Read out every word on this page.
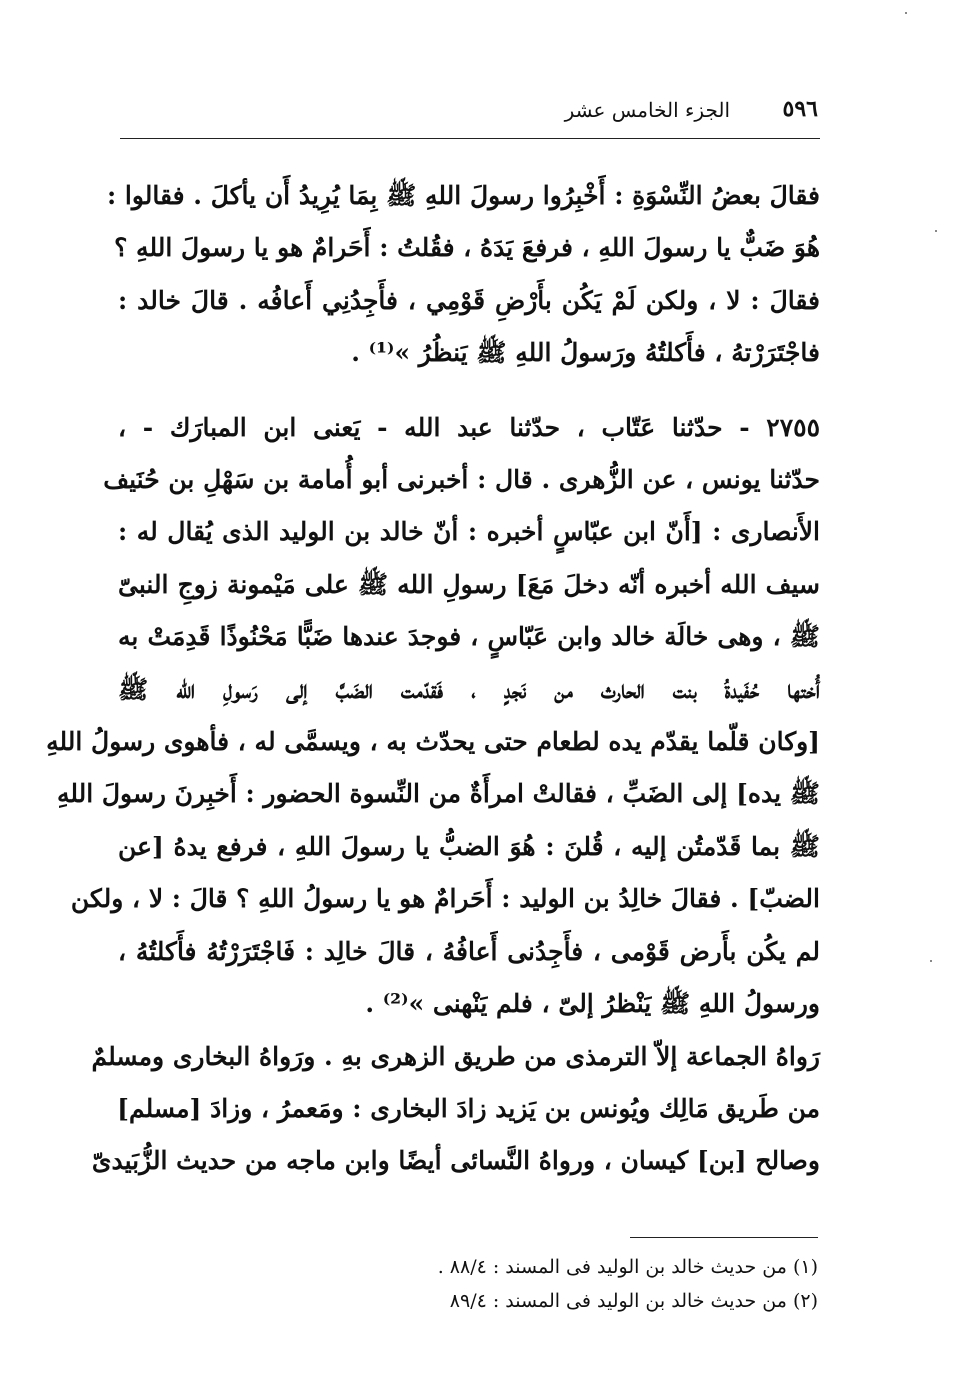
٥٩٦
الجزء الخامس عشر
فقالَ بعضُ النِّسْوَةِ : أَخْبِرُوا رسولَ اللهِ ﷺ بِمَا يُرِيدُ أَن يأكلَ . فقالوا :
هُوَ ضَبٌّ يا رسولَ اللهِ ، فرفعَ يَدَهُ ، فقُلتُ : أَحَرامٌ هو يا رسولَ اللهِ ؟
فقالَ : لا ، ولكن لَمْ يَكُن بأَرْضِ قَوْمِي ، فأَجِدُنِي أَعافُه . قالَ خالد :
فاجْتَرَرْتهُ ، فأَكلتُهُ ورَسولُ اللهِ ﷺ يَنظُرُ »⁽¹⁾ .
٢٧٥٥ - حدّثنا عَتّاب ، حدّثنا عبد الله - يَعنى ابن المبارَك - ،
حدّثنا يونس ، عن الزُّهرى . قال : أخبرنى أبو أُمامة بن سَهْلِ بن حُنَيف
الأَنصارى : [أَنّ ابن عبّاسٍ أخبره : أنّ خالد بن الوليد الذى يُقال له :
سيف الله أخبره أنّه دخلَ مَعَ] رسولِ الله ﷺ على مَيْمونة زوجِ النبىّ
ﷺ ، وهى خالَة خالد وابن عَبّاسٍ ، فوجدَ عندها ضَبًّا مَحْنُوذًا قَدِمَتْ به
أُختها حُفَيدةُ بنت الحارث من نَجدٍ ، فَقدّمت الضَبَّ إلى رَسولِ الله ﷺ
[وكان قلّما يقدّم يده لطعام حتى يحدّث به ، ويسمَّى له ، فأهوى رسولُ اللهِ
ﷺ يده] إلى الضَبِّ ، فقالتْ امرأَةٌ من النِّسوة الحضور : أَخبِرنَ رسولَ اللهِ
ﷺ بما قَدّمتُن إليه ، قُلنَ : هُوَ الضبُّ يا رسولَ اللهِ ، فرفع يدهُ [عن
الضبّ] . فقالَ خالِدُ بن الوليد : أَحَرامٌ هو يا رسولُ اللهِ ؟ قالَ : لا ، ولكن
لم يكُن بأَرض قَوْمى ، فأَجِدُنى أَعافُهُ ، قالَ خالِد : فَاجْتَرَرْتُهُ فأَكلتُهُ ،
ورسولُ اللهِ ﷺ يَنْظرُ إلىّ ، فلم يَنْهنى »⁽²⁾ .
رَواهُ الجماعة إلاّ الترمذى من طريق الزهرى بهِ . ورَواهُ البخارى ومسلمٌ
من طَريق مَالِك ويُونس بن يَزيد زادَ البخارى : ومَعمرُ ، وزادَ [مسلم]
وصالح [بن] كيسان ، ورواهُ النَّسائى أيضًا وابن ماجه من حديث الزُّبَيدىّ
(١) من حديث خالد بن الوليد فى المسند : ٨٨/٤ .
(٢) من حديث خالد بن الوليد فى المسند : ٨٩/٤
